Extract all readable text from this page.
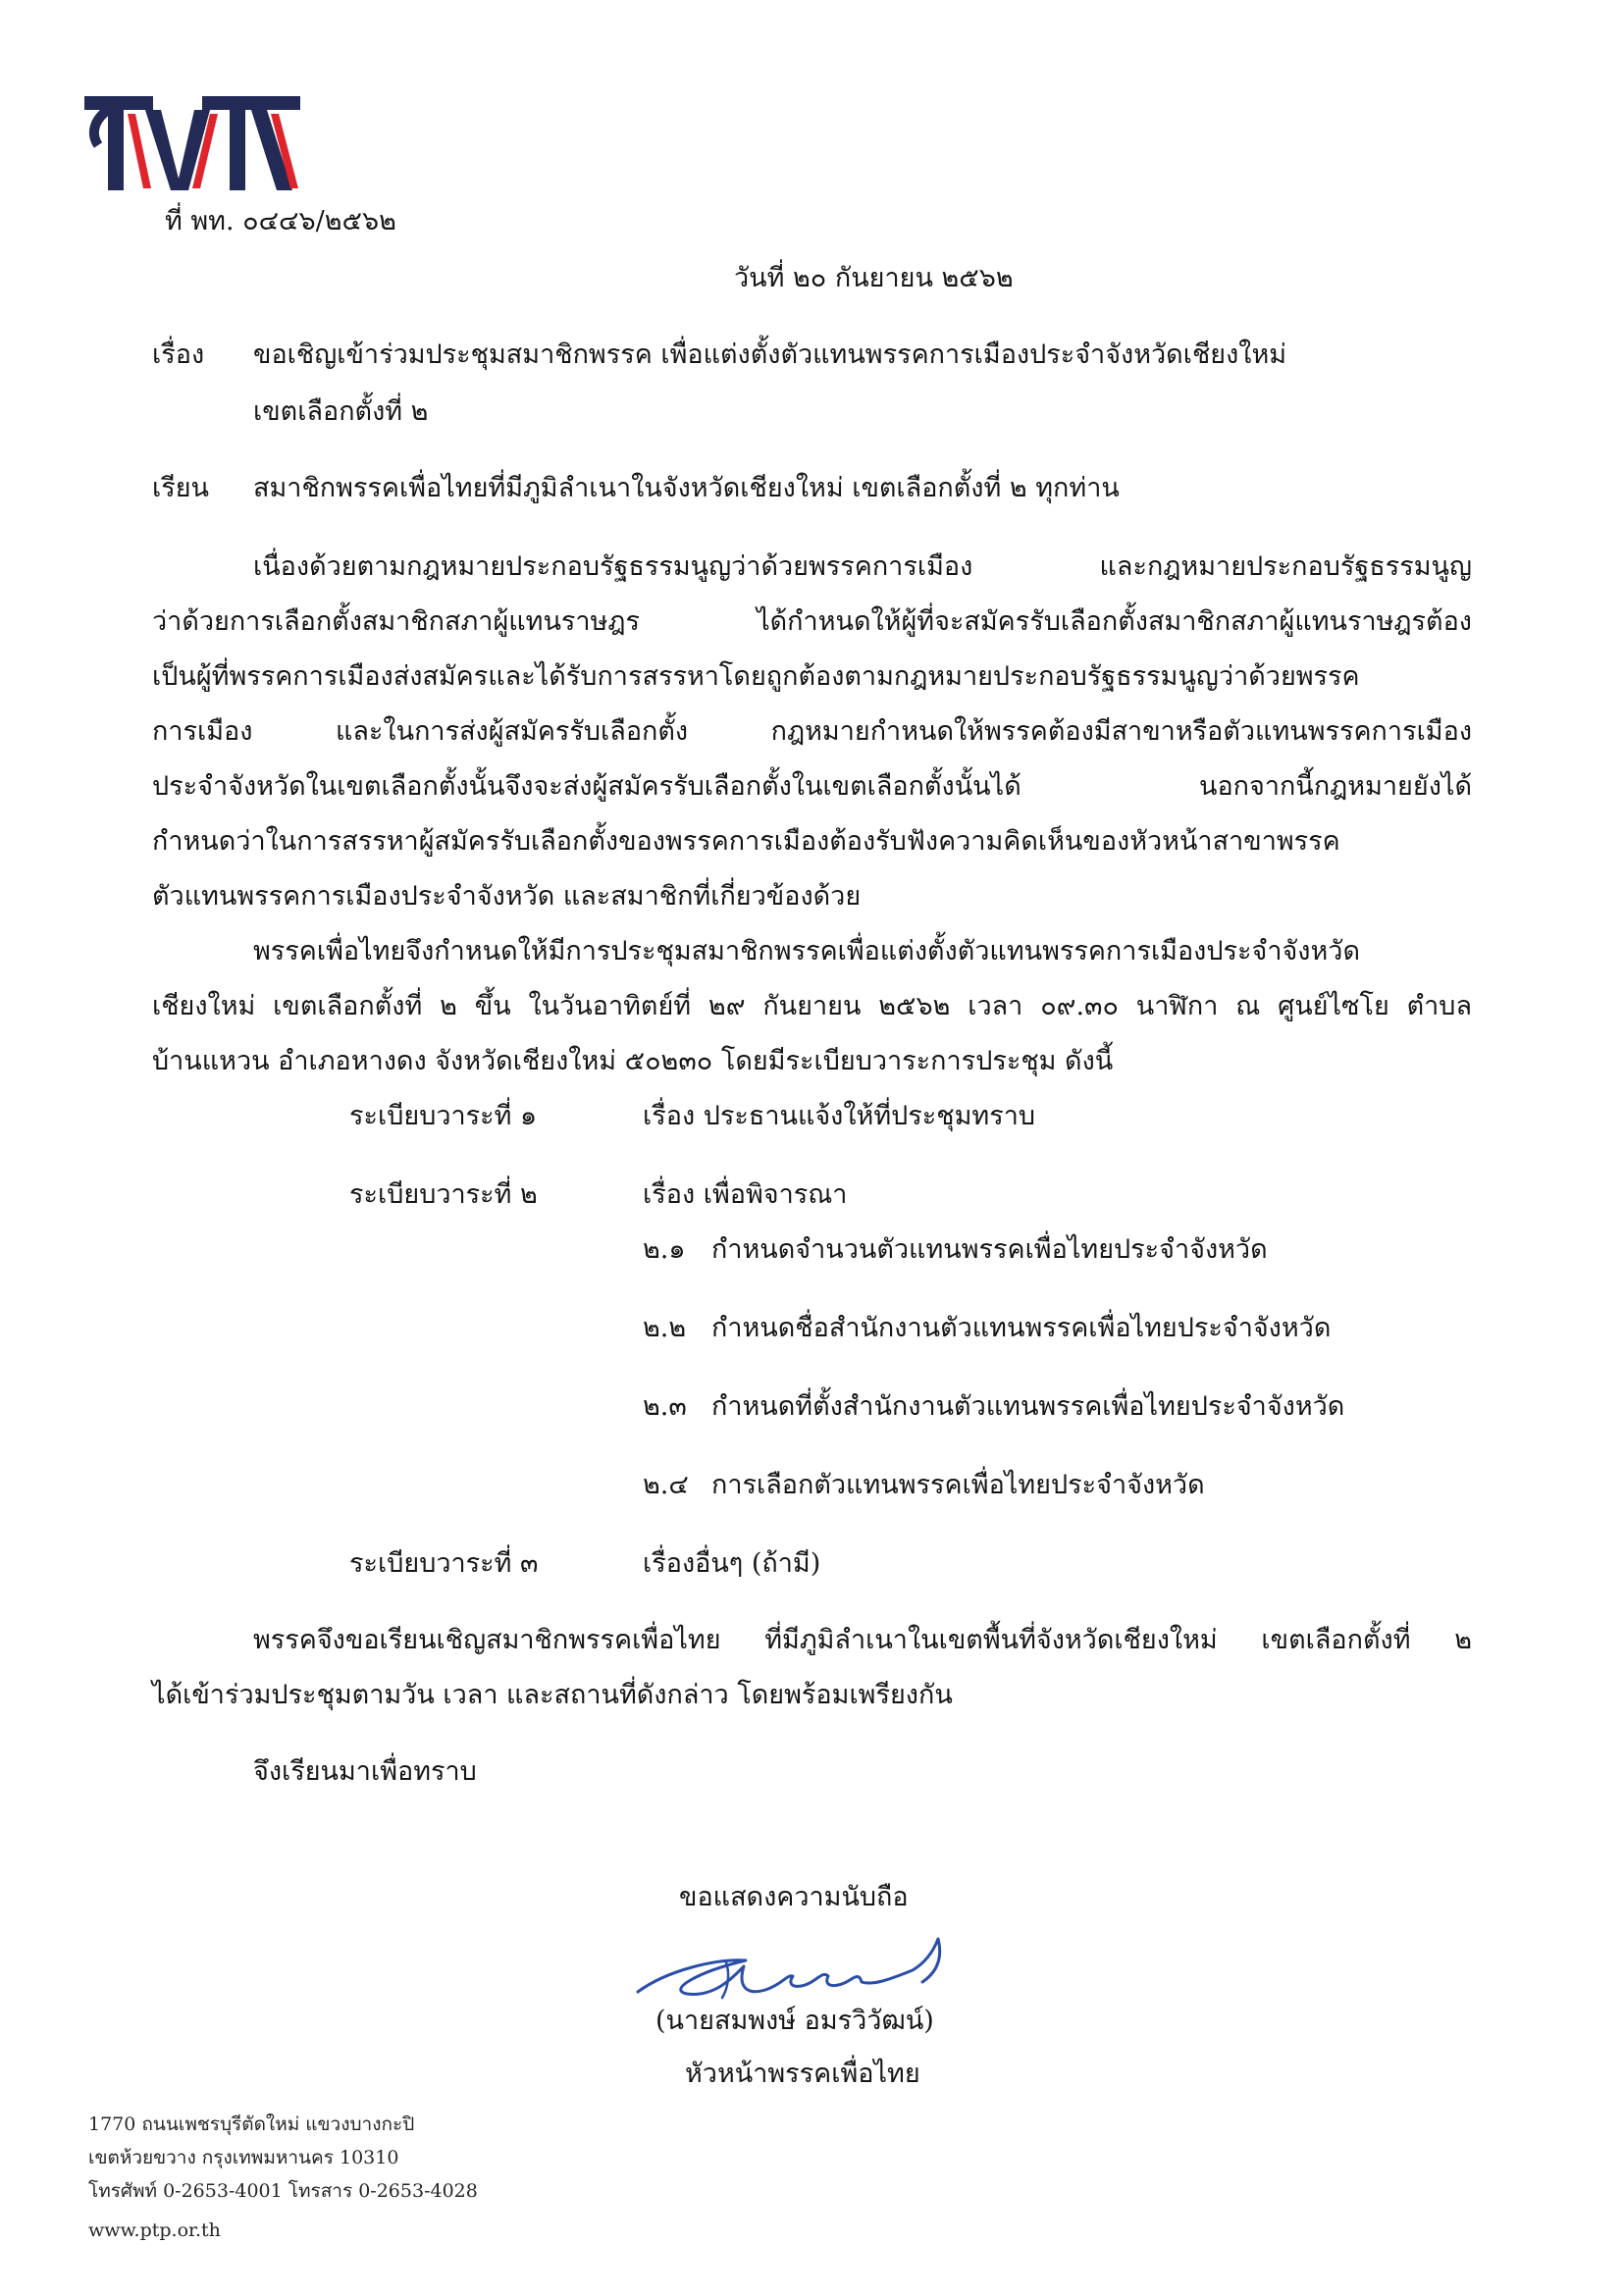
ที่ พท. ๐๔๔๖/๒๕๖๒
วันที่ ๒๐ กันยายน ๒๕๖๒
เรื่อง ขอเชิญเข้าร่วมประชุมสมาชิกพรรค เพื่อแต่งตั้งตัวแทนพรรคการเมืองประจำจังหวัดเชียงใหม่
เขตเลือกตั้งที่ ๒
เรียน สมาชิกพรรคเพื่อไทยที่มีภูมิลำเนาในจังหวัดเชียงใหม่ เขตเลือกตั้งที่ ๒ ทุกท่าน
เนื่องด้วยตามกฎหมายประกอบรัฐธรรมนูญว่าด้วยพรรคการเมือง และกฎหมายประกอบรัฐธรรมนูญ
ว่าด้วยการเลือกตั้งสมาชิกสภาผู้แทนราษฎร ได้กำหนดให้ผู้ที่จะสมัครรับเลือกตั้งสมาชิกสภาผู้แทนราษฎรต้อง
เป็นผู้ที่พรรคการเมืองส่งสมัครและได้รับการสรรหาโดยถูกต้องตามกฎหมายประกอบรัฐธรรมนูญว่าด้วยพรรค
การเมือง และในการส่งผู้สมัครรับเลือกตั้ง กฎหมายกำหนดให้พรรคต้องมีสาขาหรือตัวแทนพรรคการเมือง
ประจำจังหวัดในเขตเลือกตั้งนั้นจึงจะส่งผู้สมัครรับเลือกตั้งในเขตเลือกตั้งนั้นได้ นอกจากนี้กฎหมายยังได้
กำหนดว่าในการสรรหาผู้สมัครรับเลือกตั้งของพรรคการเมืองต้องรับฟังความคิดเห็นของหัวหน้าสาขาพรรค
ตัวแทนพรรคการเมืองประจำจังหวัด และสมาชิกที่เกี่ยวข้องด้วย
พรรคเพื่อไทยจึงกำหนดให้มีการประชุมสมาชิกพรรคเพื่อแต่งตั้งตัวแทนพรรคการเมืองประจำจังหวัด
เชียงใหม่ เขตเลือกตั้งที่ ๒ ขึ้น ในวันอาทิตย์ที่ ๒๙ กันยายน ๒๕๖๒ เวลา ๐๙.๓๐ นาฬิกา ณ ศูนย์ไซโย ตำบล
บ้านแหวน อำเภอหางดง จังหวัดเชียงใหม่ ๕๐๒๓๐ โดยมีระเบียบวาระการประชุม ดังนี้
ระเบียบวาระที่ ๑	เรื่อง ประธานแจ้งให้ที่ประชุมทราบ
ระเบียบวาระที่ ๒	เรื่อง เพื่อพิจารณา
๒.๑ กำหนดจำนวนตัวแทนพรรคเพื่อไทยประจำจังหวัด
๒.๒ กำหนดชื่อสำนักงานตัวแทนพรรคเพื่อไทยประจำจังหวัด
๒.๓ กำหนดที่ตั้งสำนักงานตัวแทนพรรคเพื่อไทยประจำจังหวัด
๒.๔ การเลือกตัวแทนพรรคเพื่อไทยประจำจังหวัด
ระเบียบวาระที่ ๓	เรื่องอื่นๆ (ถ้ามี)
พรรคจึงขอเรียนเชิญสมาชิกพรรคเพื่อไทย ที่มีภูมิลำเนาในเขตพื้นที่จังหวัดเชียงใหม่ เขตเลือกตั้งที่ ๒
ได้เข้าร่วมประชุมตามวัน เวลา และสถานที่ดังกล่าว โดยพร้อมเพรียงกัน
จึงเรียนมาเพื่อทราบ
ขอแสดงความนับถือ
(นายสมพงษ์ อมรวิวัฒน์)
หัวหน้าพรรคเพื่อไทย
1770 ถนนเพชรบุรีตัดใหม่ แขวงบางกะปิ
เขตห้วยขวาง กรุงเทพมหานคร 10310
โทรศัพท์ 0-2653-4001 โทรสาร 0-2653-4028
www.ptp.or.th
